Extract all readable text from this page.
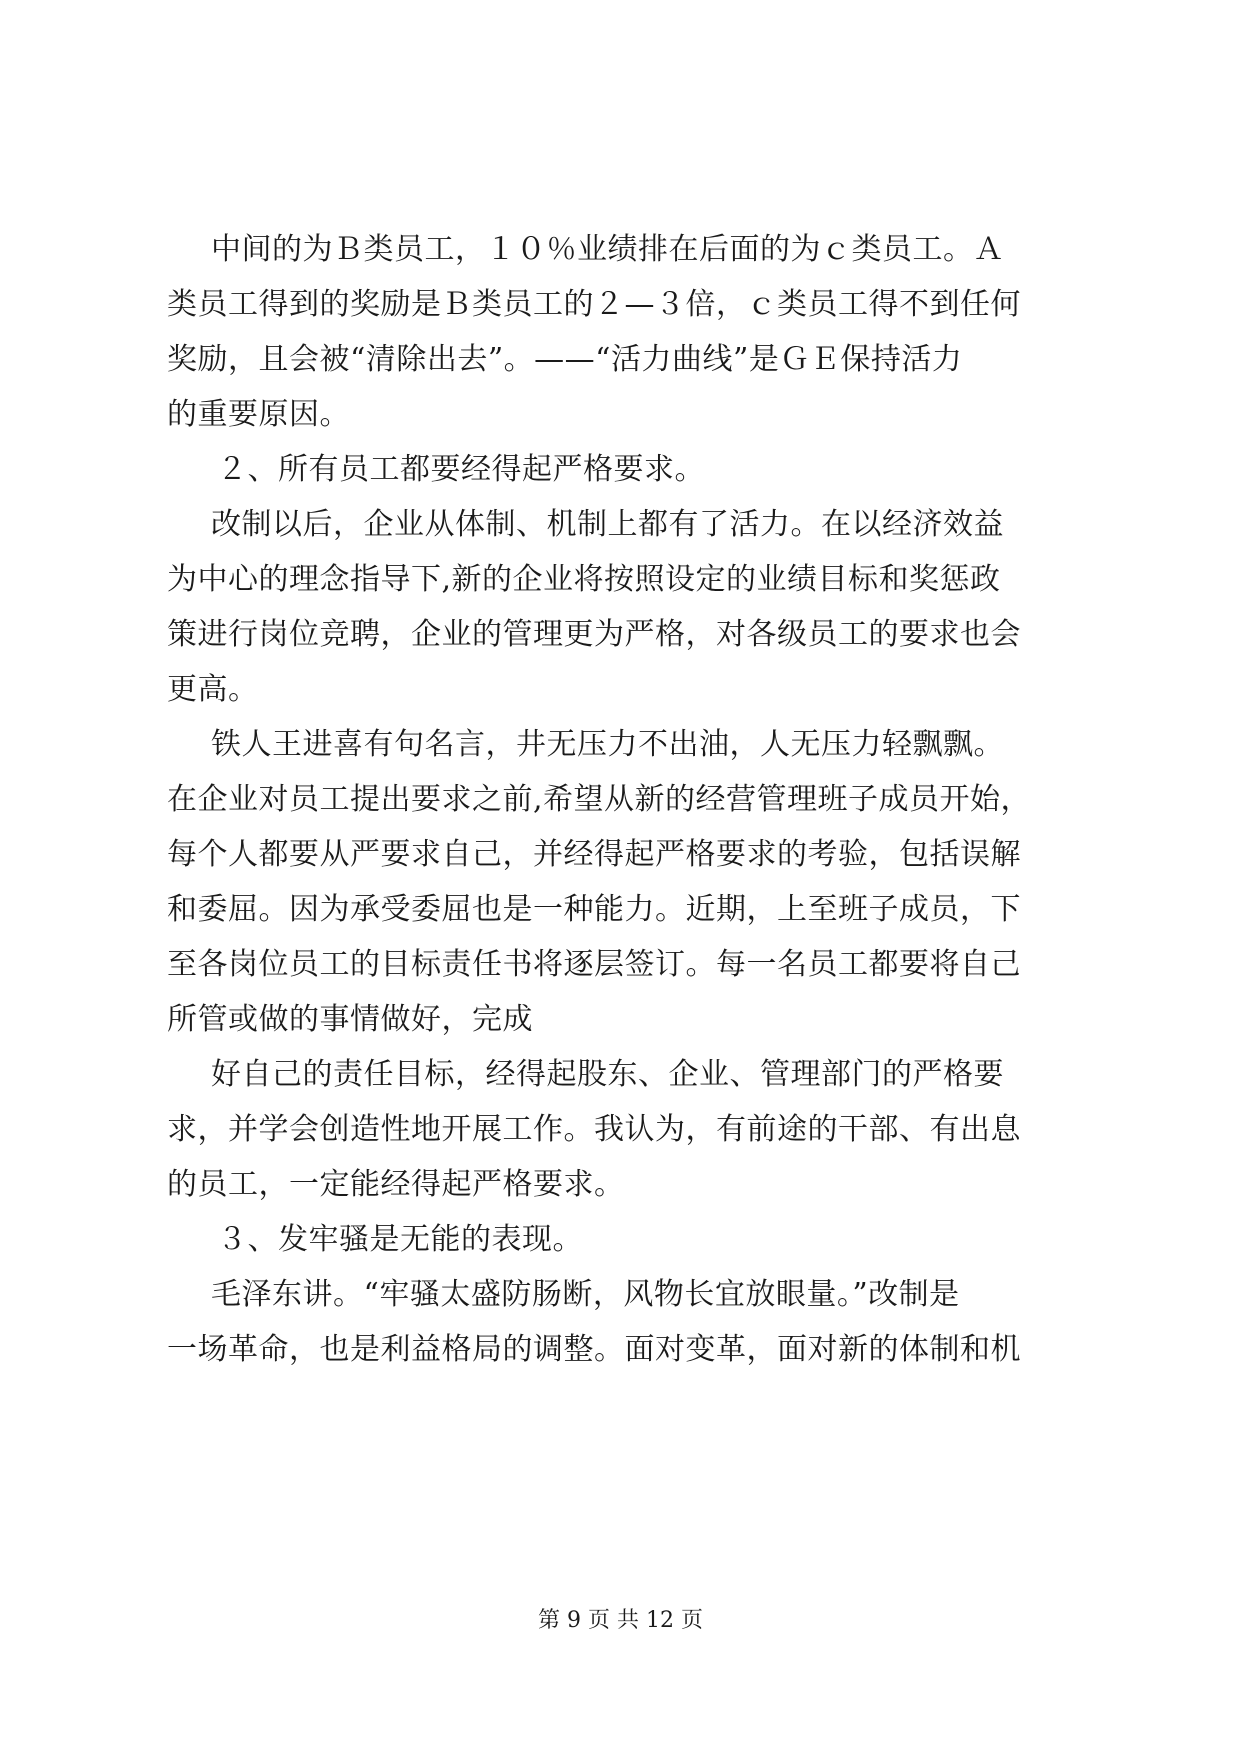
中间的为Ｂ类员工，１０％业绩排在后面的为ｃ类员工。Ａ
类员工得到的奖励是Ｂ类员工的２—３倍，ｃ类员工得不到任何
奖励，且会被“清除出去”。——“活力曲线”是ＧＥ保持活力
的重要原因。
２、所有员工都要经得起严格要求。
改制以后，企业从体制、机制上都有了活力。在以经济效益
为中心的理念指导下,新的企业将按照设定的业绩目标和奖惩政
策进行岗位竞聘，企业的管理更为严格，对各级员工的要求也会
更高。
铁人王进喜有句名言，井无压力不出油，人无压力轻飘飘。
在企业对员工提出要求之前,希望从新的经营管理班子成员开始，
每个人都要从严要求自己，并经得起严格要求的考验，包括误解
和委屈。因为承受委屈也是一种能力。近期，上至班子成员，下
至各岗位员工的目标责任书将逐层签订。每一名员工都要将自己
所管或做的事情做好，完成
好自己的责任目标，经得起股东、企业、管理部门的严格要
求，并学会创造性地开展工作。我认为，有前途的干部、有出息
的员工，一定能经得起严格要求。
３、发牢骚是无能的表现。
毛泽东讲。“牢骚太盛防肠断，风物长宜放眼量。”改制是
一场革命，也是利益格局的调整。面对变革，面对新的体制和机
第 9 页 共 12 页
